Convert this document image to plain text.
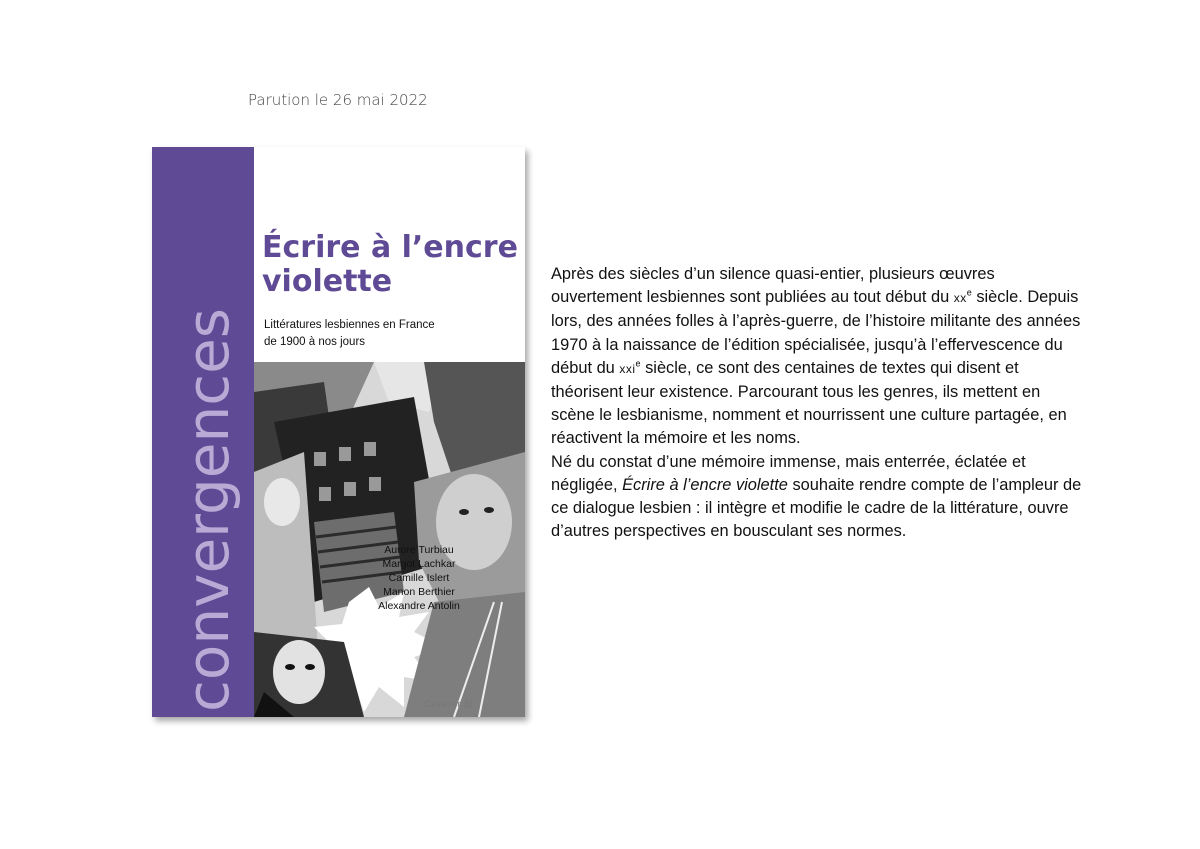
Parution le 26 mai 2022
convergences
Écrire à l’encre
violette
Littératures lesbiennes en France
de 1900 à nos jours
Aurore Turbiau
Margot Lachkar
Camille Islert
Manon Berthier
Alexandre Antolin
Cavalier Bl

Après des siècles d’un silence quasi-entier, plusieurs œuvres ouvertement lesbiennes sont publiées au tout début du $xx^e$ siècle. Depuis lors, des années folles à l’après-guerre, de l’histoire militante des années 1970 à la naissance de l’édition spécialisée, jusqu’à l’effervescence du début du xxi$^e$ siècle, ce sont des centaines de textes qui disent et théorisent leur existence. Parcourant tous les genres, ils mettent en scène le lesbianisme, nomment et nourrissent une culture partagée, en réactivent la mémoire et les noms.

Né du constat d’une mémoire immense, mais enterrée, éclatée et négligée, Écrire à l’encre violette souhaite rendre compte de l’ampleur de ce dialogue lesbien : il intègre et modifie le cadre de la littérature, ouvre d’autres perspectives en bousculant ses normes.
